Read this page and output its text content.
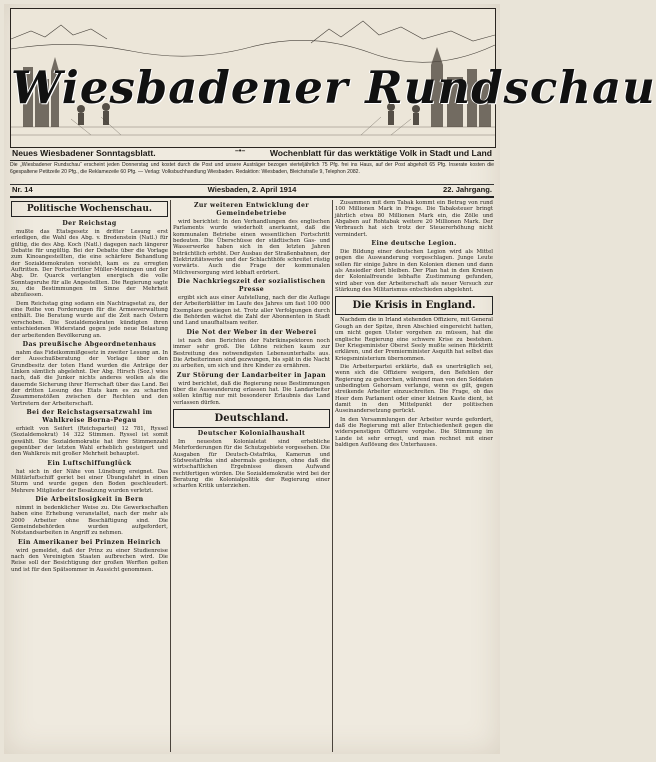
Wiesbadener Rundschau
Neues Wiesbadener Sonntagsblatt.	–•–	Wochenblatt für das werktätige Volk in Stadt und Land
Die „Wiesbadener Rundschau“ erscheint jeden Donnerstag und kostet durch die Post und unsere Austräger bezogen vierteljährlich 75 Pfg. frei ins Haus, auf der Post abgeholt 65 Pfg. Inserate kosten die 6gespaltene Petitzeile 20 Pfg., die Reklamezeile 60 Pfg. — Verlag: Volksbuchhandlung Wiesbaden. Redaktion: Wiesbaden, Bleichstraße 9, Telephon 2082.
Nr. 14	Wiesbaden, 2. April 1914	22. Jahrgang.
Politische Wochenschau.
Der Reichstag

mußte das Etatsgesetz in dritter Lesung erst erledigen, die Wahl des Abg. v. Bredenstein (Natl.) für gültig, die des Abg. Koch (Natl.) dagegen nach längerer Debatte für ungültig. Bei der Debatte über die Vorlage zum Kinoangestellten, die eine schärfere Behandlung der Sozialdemokraten vorsieht, kam es zu erregten Auftritten. Der Fortschrittler Müller-Meiningen und der Abg. Dr. Quarck verlangten energisch die volle Sonntagsruhe für alle Angestellten. Die Regierung sagte zu, die Bestimmungen im Sinne der Mehrheit abzufassen.

Dem Reichstag ging sodann ein Nachtragsetat zu, der eine Reihe von Forderungen für die Armeeverwaltung enthält. Die Beratung wurde auf die Zeit nach Ostern verschoben. Die Sozialdemokraten kündigten ihren entschiedenen Widerstand gegen jede neue Belastung der arbeitenden Bevölkerung an.

Das preußische Abgeordnetenhaus

nahm das Fideikommißgesetz in zweiter Lesung an. In der Ausschußberatung der Vorlage über den Grundbesitz der toten Hand wurden die Anträge der Linken sämtlich abgelehnt. Der Abg. Hirsch (Soz.) wies nach, daß die Junker nichts anderes wollen als die dauernde Sicherung ihrer Herrschaft über das Land. Bei der dritten Lesung des Etats kam es zu scharfen Zusammenstößen zwischen der Rechten und den Vertretern der Arbeiterschaft.

Bei der Reichstagsersatzwahl im Wahlkreise Borna-Pegau

erhielt von Seifert (Reichspartei) 12 781, Ryssel (Sozialdemokrat) 14 322 Stimmen. Ryssel ist somit gewählt. Die Sozialdemokratie hat ihre Stimmenzahl gegenüber der letzten Wahl erheblich gesteigert und den Wahlkreis mit großer Mehrheit behauptet.

Ein Luftschiffunglück

hat sich in der Nähe von Lüneburg ereignet. Das Militärluftschiff geriet bei einer Übungsfahrt in einen Sturm und wurde gegen den Boden geschleudert. Mehrere Mitglieder der Besatzung wurden verletzt.

Die Arbeitslosigkeit in Bern

nimmt in bedenklicher Weise zu. Die Gewerkschaften haben eine Erhebung veranstaltet, nach der mehr als 2000 Arbeiter ohne Beschäftigung sind. Die Gemeindebehörden wurden aufgefordert, Notstandsarbeiten in Angriff zu nehmen.

Ein Amerikaner bei Prinzen Heinrich

wird gemeldet, daß der Prinz zu einer Studienreise nach den Vereinigten Staaten aufbrechen wird. Die Reise soll der Besichtigung der großen Werften gelten und ist für den Spätsommer in Aussicht genommen.

Zur weiteren Entwicklung der Gemeindebetriebe

wird berichtet: In den Verhandlungen des englischen Parlaments wurde wiederholt anerkannt, daß die kommunalen Betriebe einen wesentlichen Fortschritt bedeuten. Die Überschüsse der städtischen Gas- und Wasserwerke haben sich in den letzten Jahren beträchtlich erhöht. Der Ausbau der Straßenbahnen, der Elektrizitätswerke und der Schlachthöfe schreitet rüstig vorwärts. Auch die Frage der kommunalen Milchversorgung wird lebhaft erörtert.

Die Nachkriegszeit der sozialistischen Presse

ergibt sich aus einer Aufstellung, nach der die Auflage der Arbeiterblätter im Laufe des Jahres um fast 100 000 Exemplare gestiegen ist. Trotz aller Verfolgungen durch die Behörden wächst die Zahl der Abonnenten in Stadt und Land unaufhaltsam weiter.

Die Not der Weber in der Weberei

ist nach den Berichten der Fabrikinspektoren noch immer sehr groß. Die Löhne reichen kaum zur Bestreitung des notwendigsten Lebensunterhalts aus. Die Arbeiterinnen sind gezwungen, bis spät in die Nacht zu arbeiten, um sich und ihre Kinder zu ernähren.

Zur Störung der Landarbeiter in Japan

wird berichtet, daß die Regierung neue Bestimmungen über die Auswanderung erlassen hat. Die Landarbeiter sollen künftig nur mit besonderer Erlaubnis das Land verlassen dürfen.

Deutschland.
Deutscher Kolonialhaushalt

Im neuesten Kolonialetat sind erhebliche Mehrforderungen für die Schutzgebiete vorgesehen. Die Ausgaben für Deutsch-Ostafrika, Kamerun und Südwestafrika sind abermals gestiegen, ohne daß die wirtschaftlichen Ergebnisse diesen Aufwand rechtfertigen würden. Die Sozialdemokratie wird bei der Beratung die Kolonialpolitik der Regierung einer scharfen Kritik unterziehen.

Zusammen mit dem Tabak kommt ein Betrag von rund 100 Millionen Mark in Frage. Die Tabaksteuer bringt jährlich etwa 80 Millionen Mark ein, die Zölle und Abgaben auf Rohtabak weitere 20 Millionen Mark. Der Verbrauch hat sich trotz der Steuererhöhung nicht vermindert.

Eine deutsche Legion.

Die Bildung einer deutschen Legion wird als Mittel gegen die Auswanderung vorgeschlagen. Junge Leute sollen für einige Jahre in den Kolonien dienen und dann als Ansiedler dort bleiben. Der Plan hat in den Kreisen der Kolonialfreunde lebhafte Zustimmung gefunden, wird aber von der Arbeiterschaft als neuer Versuch zur Stärkung des Militarismus entschieden abgelehnt.

Die Krisis in England.

Nachdem die in Irland stehenden Offiziere, mit General Gough an der Spitze, ihren Abschied eingereicht hatten, um nicht gegen Ulster vorgehen zu müssen, hat die englische Regierung eine schwere Krise zu bestehen. Der Kriegsminister Oberst Seely mußte seinen Rücktritt erklären, und der Premierminister Asquith hat selbst das Kriegsministerium übernommen.

Die Arbeiterpartei erklärte, daß es unerträglich sei, wenn sich die Offiziere weigern, den Befehlen der Regierung zu gehorchen, während man von den Soldaten unbedingten Gehorsam verlange, wenn es gilt, gegen streikende Arbeiter einzuschreiten. Die Frage, ob das Heer dem Parlament oder einer kleinen Kaste dient, ist damit in den Mittelpunkt der politischen Auseinandersetzung gerückt.

In den Versammlungen der Arbeiter wurde gefordert, daß die Regierung mit aller Entschiedenheit gegen die widerspenstigen Offiziere vorgehe. Die Stimmung im Lande ist sehr erregt, und man rechnet mit einer baldigen Auflösung des Unterhauses.
